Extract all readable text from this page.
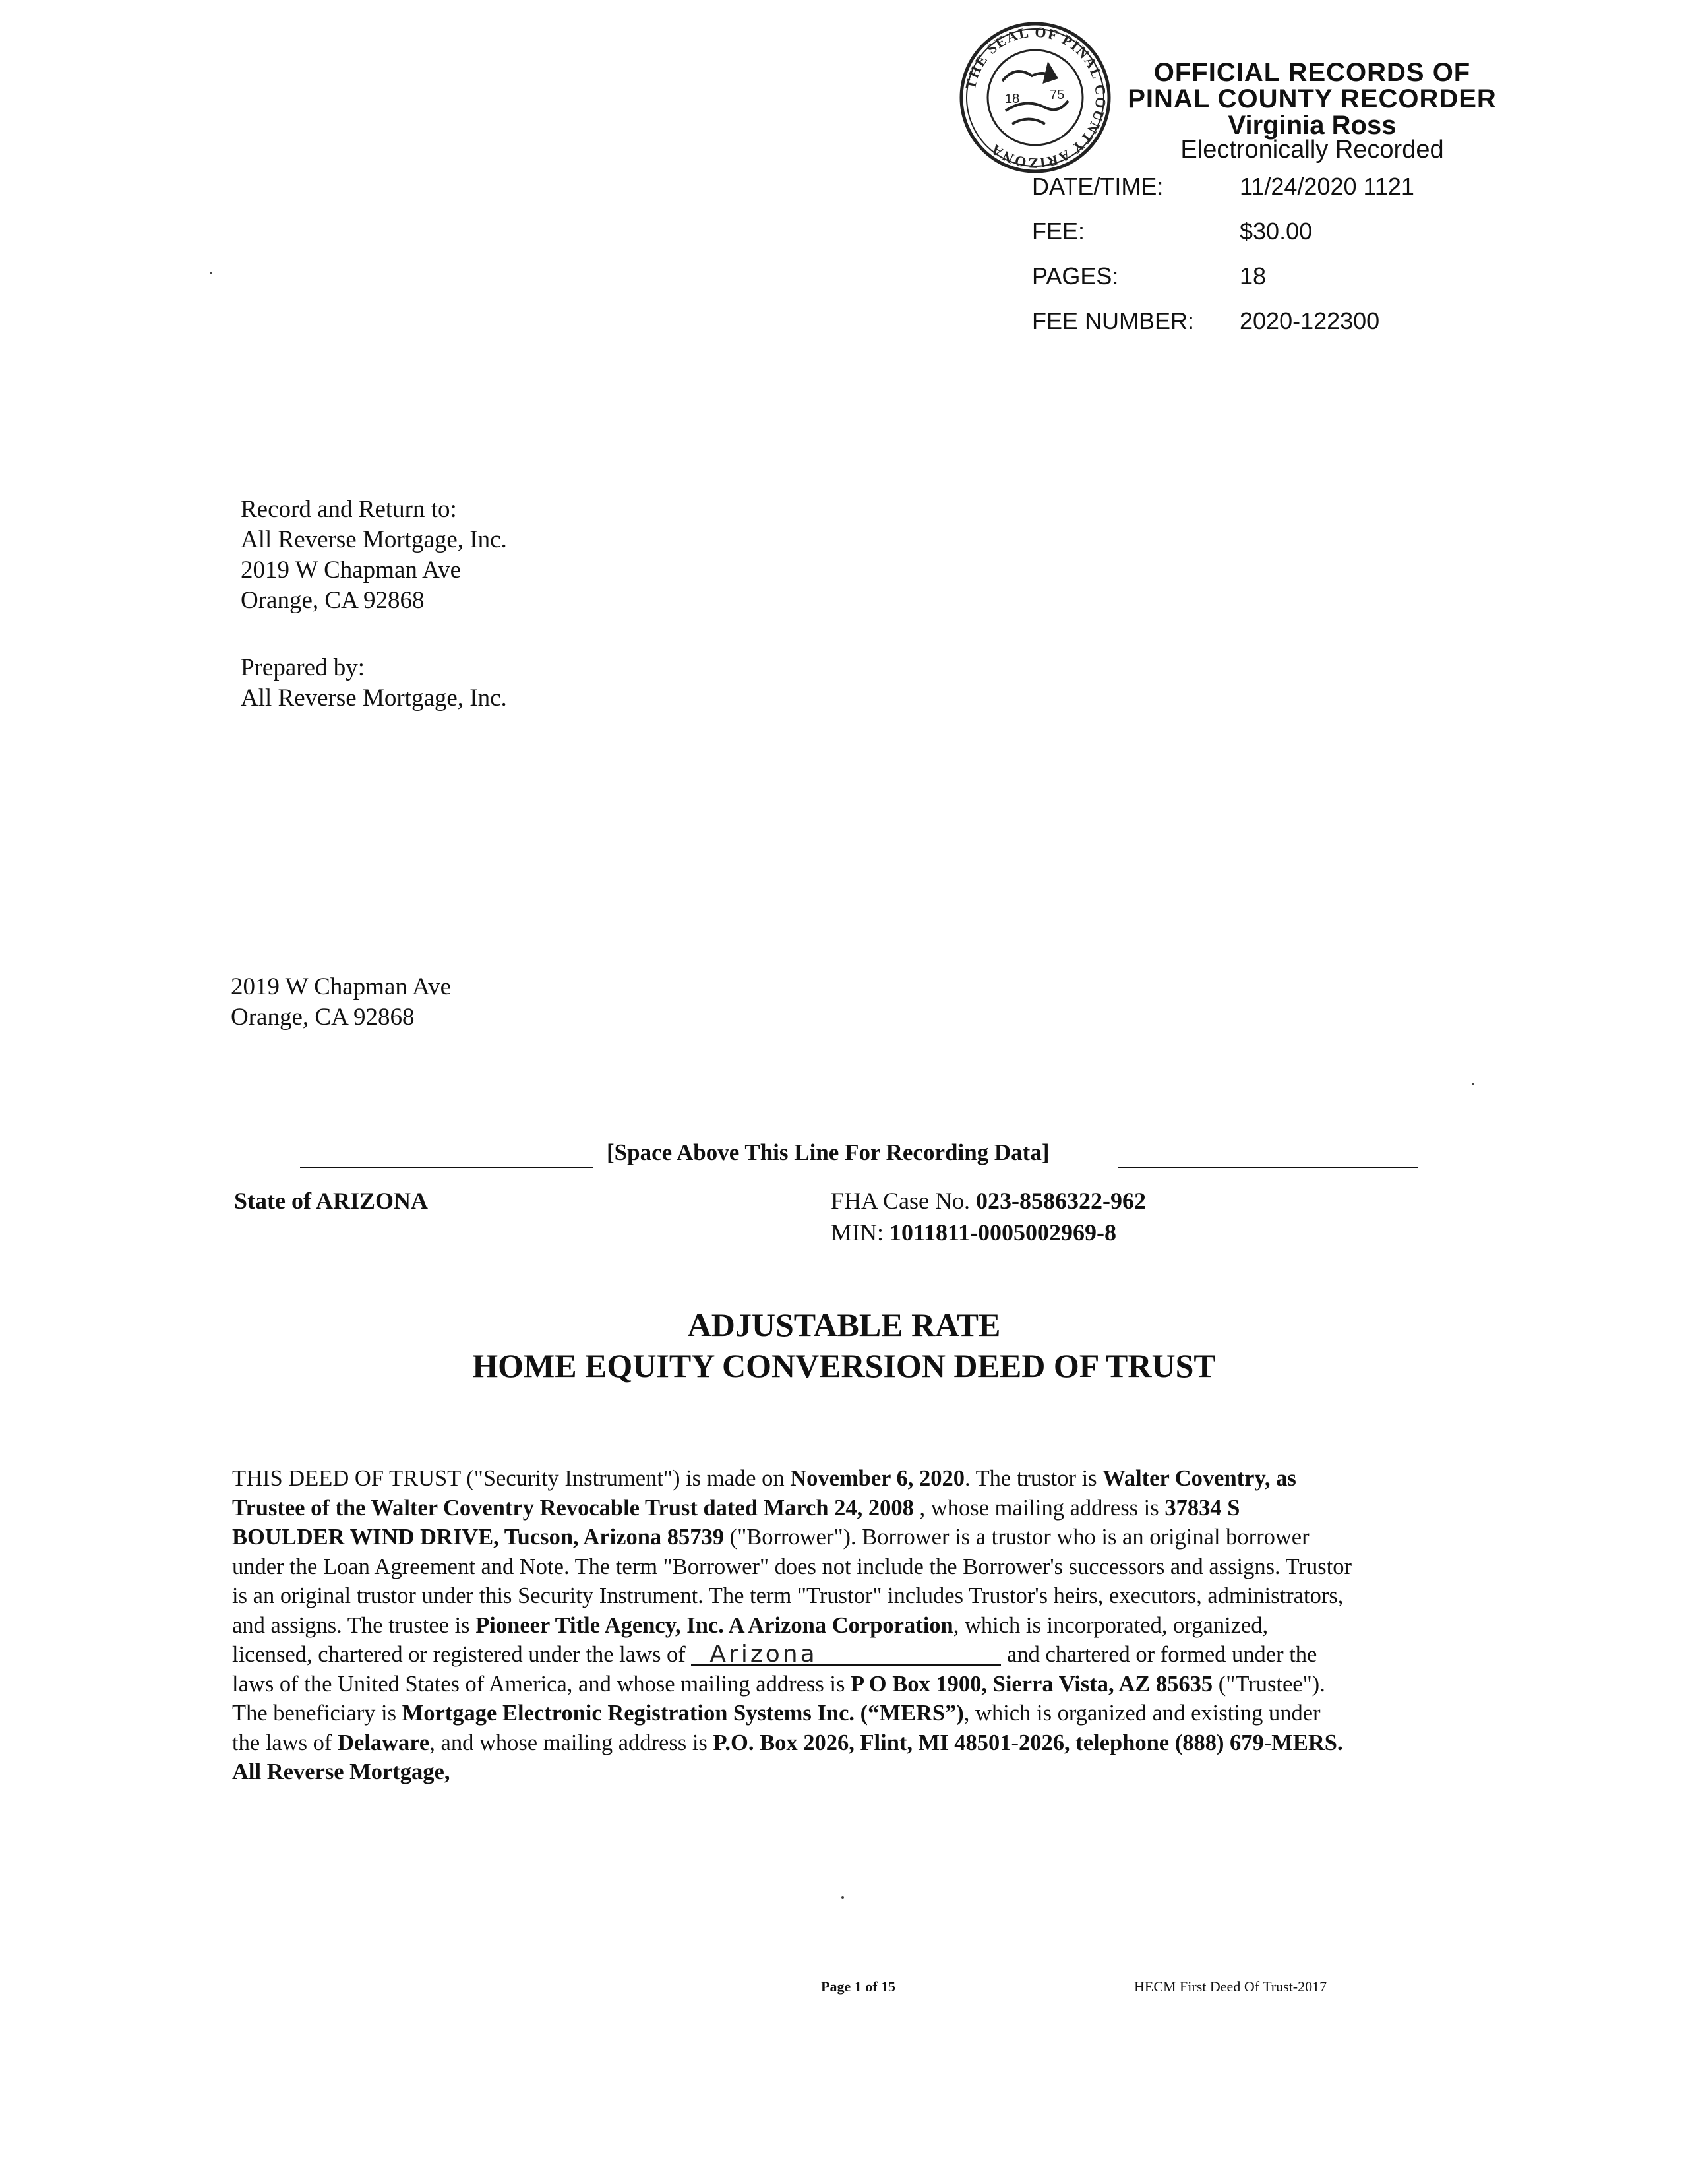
THE SEAL OF PINAL COUNTY ARIZONA
18 75
OFFICIAL RECORDS OF
PINAL COUNTY RECORDER
Virginia Ross
Electronically Recorded
DATE/TIME:	11/24/2020 1121
FEE:	$30.00
PAGES:	18
FEE NUMBER:	2020-122300
Record and Return to:
All Reverse Mortgage, Inc.
2019 W Chapman Ave
Orange, CA 92868
Prepared by:
All Reverse Mortgage, Inc.
2019 W Chapman Ave
Orange, CA 92868
[Space Above This Line For Recording Data]
State of ARIZONA	FHA Case No. 023-8586322-962
MIN: 1011811-0005002969-8
ADJUSTABLE RATE
HOME EQUITY CONVERSION DEED OF TRUST
THIS DEED OF TRUST ("Security Instrument") is made on November 6, 2020. The trustor is Walter Coventry, as Trustee of the Walter Coventry Revocable Trust dated March 24, 2008 , whose mailing address is 37834 S BOULDER WIND DRIVE, Tucson, Arizona 85739 ("Borrower"). Borrower is a trustor who is an original borrower under the Loan Agreement and Note. The term "Borrower" does not include the Borrower's successors and assigns. Trustor is an original trustor under this Security Instrument. The term "Trustor" includes Trustor's heirs, executors, administrators, and assigns. The trustee is Pioneer Title Agency, Inc. A Arizona Corporation, which is incorporated, organized, licensed, chartered or registered under the laws of Arizona	and chartered or formed under the laws of the United States of America, and whose mailing address is P O Box 1900, Sierra Vista, AZ 85635 ("Trustee"). The beneficiary is Mortgage Electronic Registration Systems Inc. (“MERS”), which is organized and existing under the laws of Delaware, and whose mailing address is P.O. Box 2026, Flint, MI 48501-2026, telephone (888) 679-MERS. All Reverse Mortgage,
Page 1 of 15	HECM First Deed Of Trust-2017
